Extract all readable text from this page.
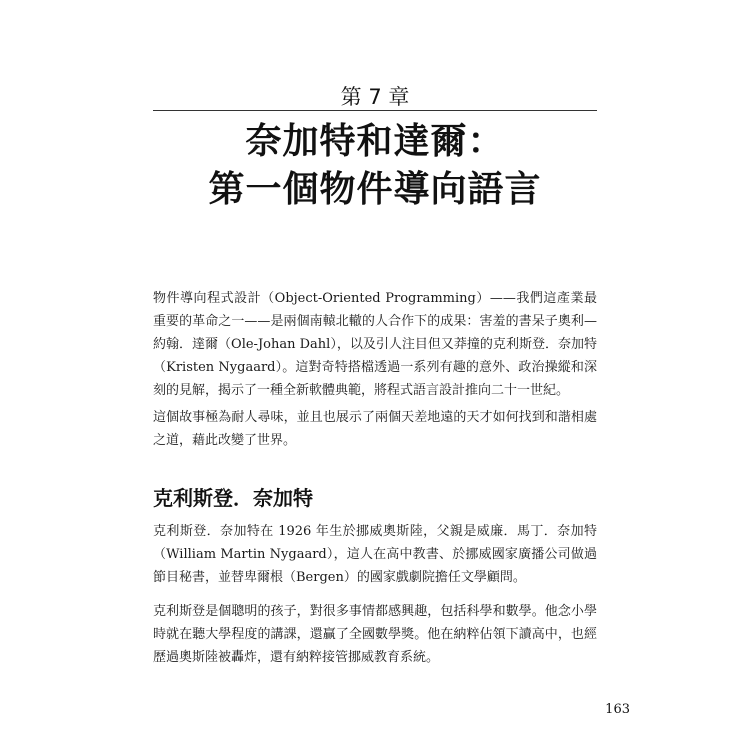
第 7 章
奈加特和達爾：
第一個物件導向語言

物件導向程式設計（Object-Oriented Programming）——我們這產業最重要的革命之一——是兩個南轅北轍的人合作下的成果：害羞的書呆子奧利—約翰．達爾（Ole-Johan Dahl），以及引人注目但又莽撞的克利斯登．奈加特（Kristen Nygaard）。這對奇特搭檔透過一系列有趣的意外、政治操縱和深刻的見解，揭示了一種全新軟體典範，將程式語言設計推向二十一世紀。

這個故事極為耐人尋味，並且也展示了兩個天差地遠的天才如何找到和諧相處之道，藉此改變了世界。

克利斯登．奈加特

克利斯登．奈加特在 1926 年生於挪威奧斯陸，父親是威廉．馬丁．奈加特（William Martin Nygaard），這人在高中教書、於挪威國家廣播公司做過節目秘書，並替卑爾根（Bergen）的國家戲劇院擔任文學顧問。

克利斯登是個聰明的孩子，對很多事情都感興趣，包括科學和數學。他念小學時就在聽大學程度的講課，還贏了全國數學獎。他在納粹佔領下讀高中，也經歷過奧斯陸被轟炸，還有納粹接管挪威教育系統。

163
